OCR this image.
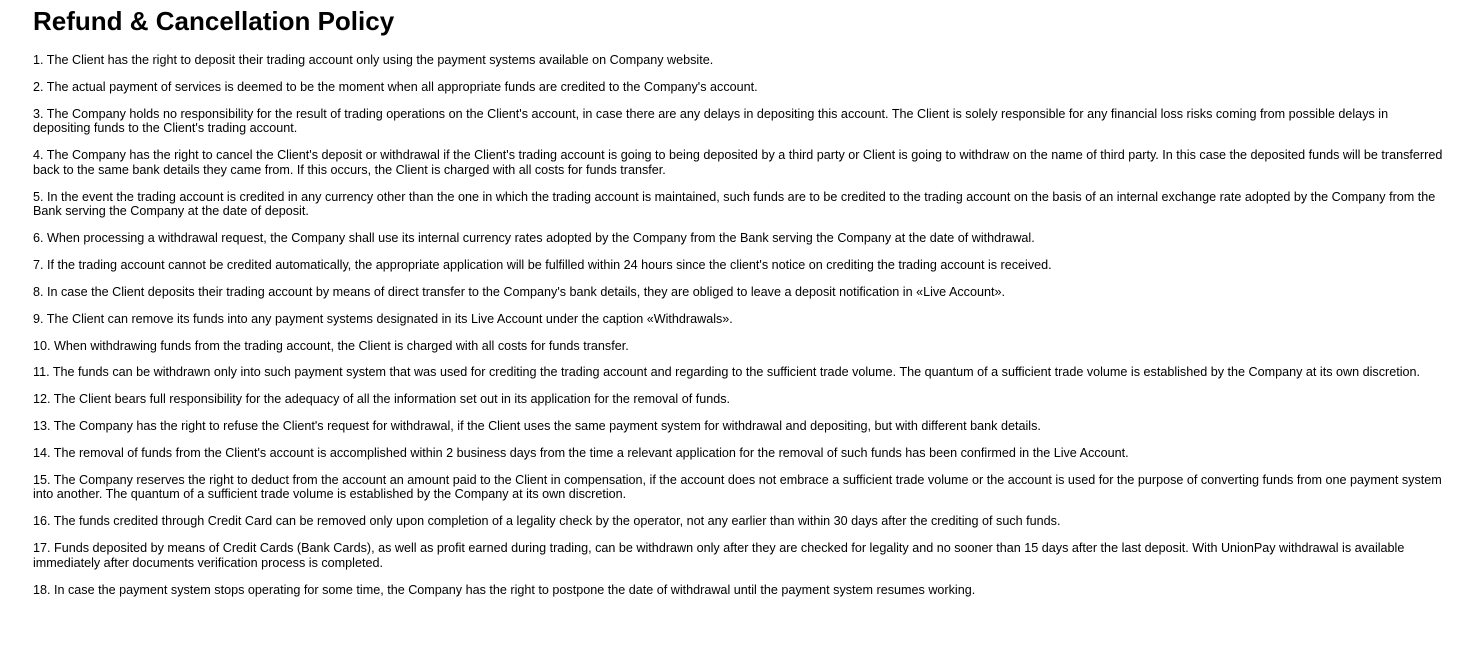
Refund & Cancellation Policy

1. The Client has the right to deposit their trading account only using the payment systems available on Company website.

2. The actual payment of services is deemed to be the moment when all appropriate funds are credited to the Company's account.

3. The Company holds no responsibility for the result of trading operations on the Client's account, in case there are any delays in depositing this account. The Client is solely responsible for any financial loss risks coming from possible delays in depositing funds to the Client's trading account.

4. The Company has the right to cancel the Client's deposit or withdrawal if the Client's trading account is going to being deposited by a third party or Client is going to withdraw on the name of third party. In this case the deposited funds will be transferred back to the same bank details they came from. If this occurs, the Client is charged with all costs for funds transfer.

5. In the event the trading account is credited in any currency other than the one in which the trading account is maintained, such funds are to be credited to the trading account on the basis of an internal exchange rate adopted by the Company from the Bank serving the Company at the date of deposit.

6. When processing a withdrawal request, the Company shall use its internal currency rates adopted by the Company from the Bank serving the Company at the date of withdrawal.

7. If the trading account cannot be credited automatically, the appropriate application will be fulfilled within 24 hours since the client's notice on crediting the trading account is received.

8. In case the Client deposits their trading account by means of direct transfer to the Company's bank details, they are obliged to leave a deposit notification in «Live Account».

9. The Client can remove its funds into any payment systems designated in its Live Account under the caption «Withdrawals».

10. When withdrawing funds from the trading account, the Client is charged with all costs for funds transfer.

11. The funds can be withdrawn only into such payment system that was used for crediting the trading account and regarding to the sufficient trade volume. The quantum of a sufficient trade volume is established by the Company at its own discretion.

12. The Client bears full responsibility for the adequacy of all the information set out in its application for the removal of funds.

13. The Company has the right to refuse the Client's request for withdrawal, if the Client uses the same payment system for withdrawal and depositing, but with different bank details.

14. The removal of funds from the Client's account is accomplished within 2 business days from the time a relevant application for the removal of such funds has been confirmed in the Live Account.

15. The Company reserves the right to deduct from the account an amount paid to the Client in compensation, if the account does not embrace a sufficient trade volume or the account is used for the purpose of converting funds from one payment system into another. The quantum of a sufficient trade volume is established by the Company at its own discretion.

16. The funds credited through Credit Card can be removed only upon completion of a legality check by the operator, not any earlier than within 30 days after the crediting of such funds.

17. Funds deposited by means of Credit Cards (Bank Cards), as well as profit earned during trading, can be withdrawn only after they are checked for legality and no sooner than 15 days after the last deposit. With UnionPay withdrawal is available immediately after documents verification process is completed.

18. In case the payment system stops operating for some time, the Company has the right to postpone the date of withdrawal until the payment system resumes working.
